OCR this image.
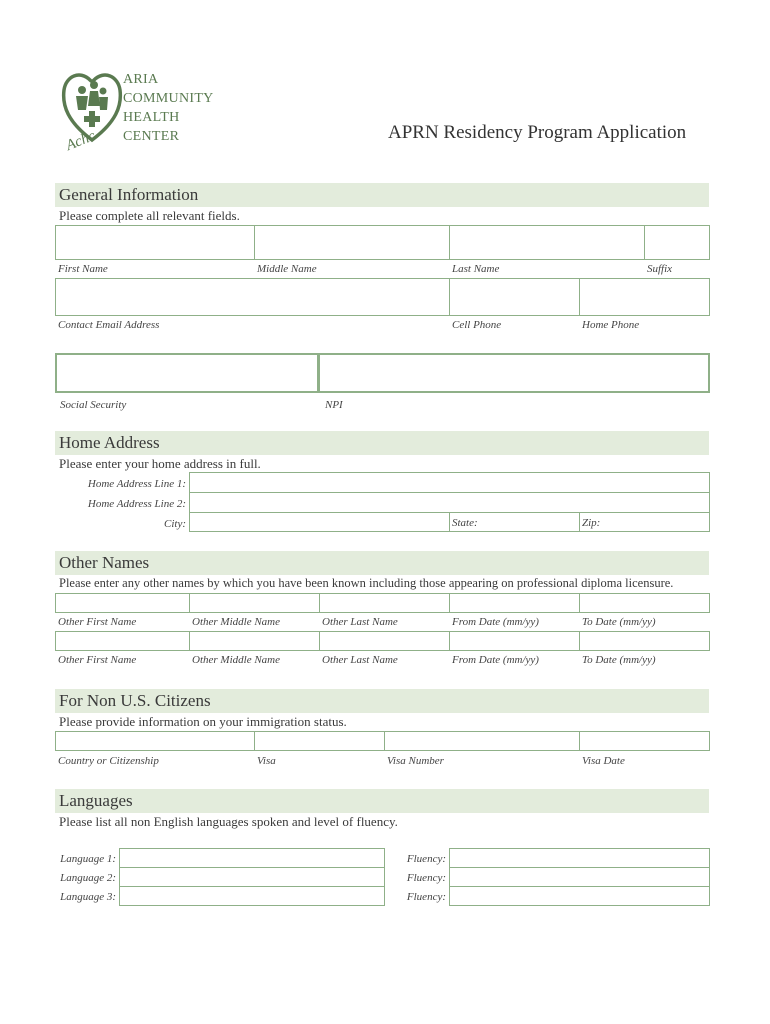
Achc
ARIA
COMMUNITY
HEALTH
CENTER	APRN Residency Program Application
General Information
Please complete all relevant fields.
First Name	Middle Name	Last Name	Suffix
Contact Email Address	Cell Phone	Home Phone
Social Security	NPI
Home Address
Please enter your home address in full.
Home Address Line 1:
Home Address Line 2:
City:	State:	Zip:
Other Names
Please enter any other names by which you have been known including those appearing on professional diploma licensure.
Other First Name	Other Middle Name	Other Last Name	From Date (mm/yy)	To Date (mm/yy)
Other First Name	Other Middle Name	Other Last Name	From Date (mm/yy)	To Date (mm/yy)
For Non U.S. Citizens
Please provide information on your immigration status.
Country or Citizenship	Visa	Visa Number	Visa Date
Languages
Please list all non English languages spoken and level of fluency.
Language 1:	Fluency:
Language 2:	Fluency:
Language 3:	Fluency:
